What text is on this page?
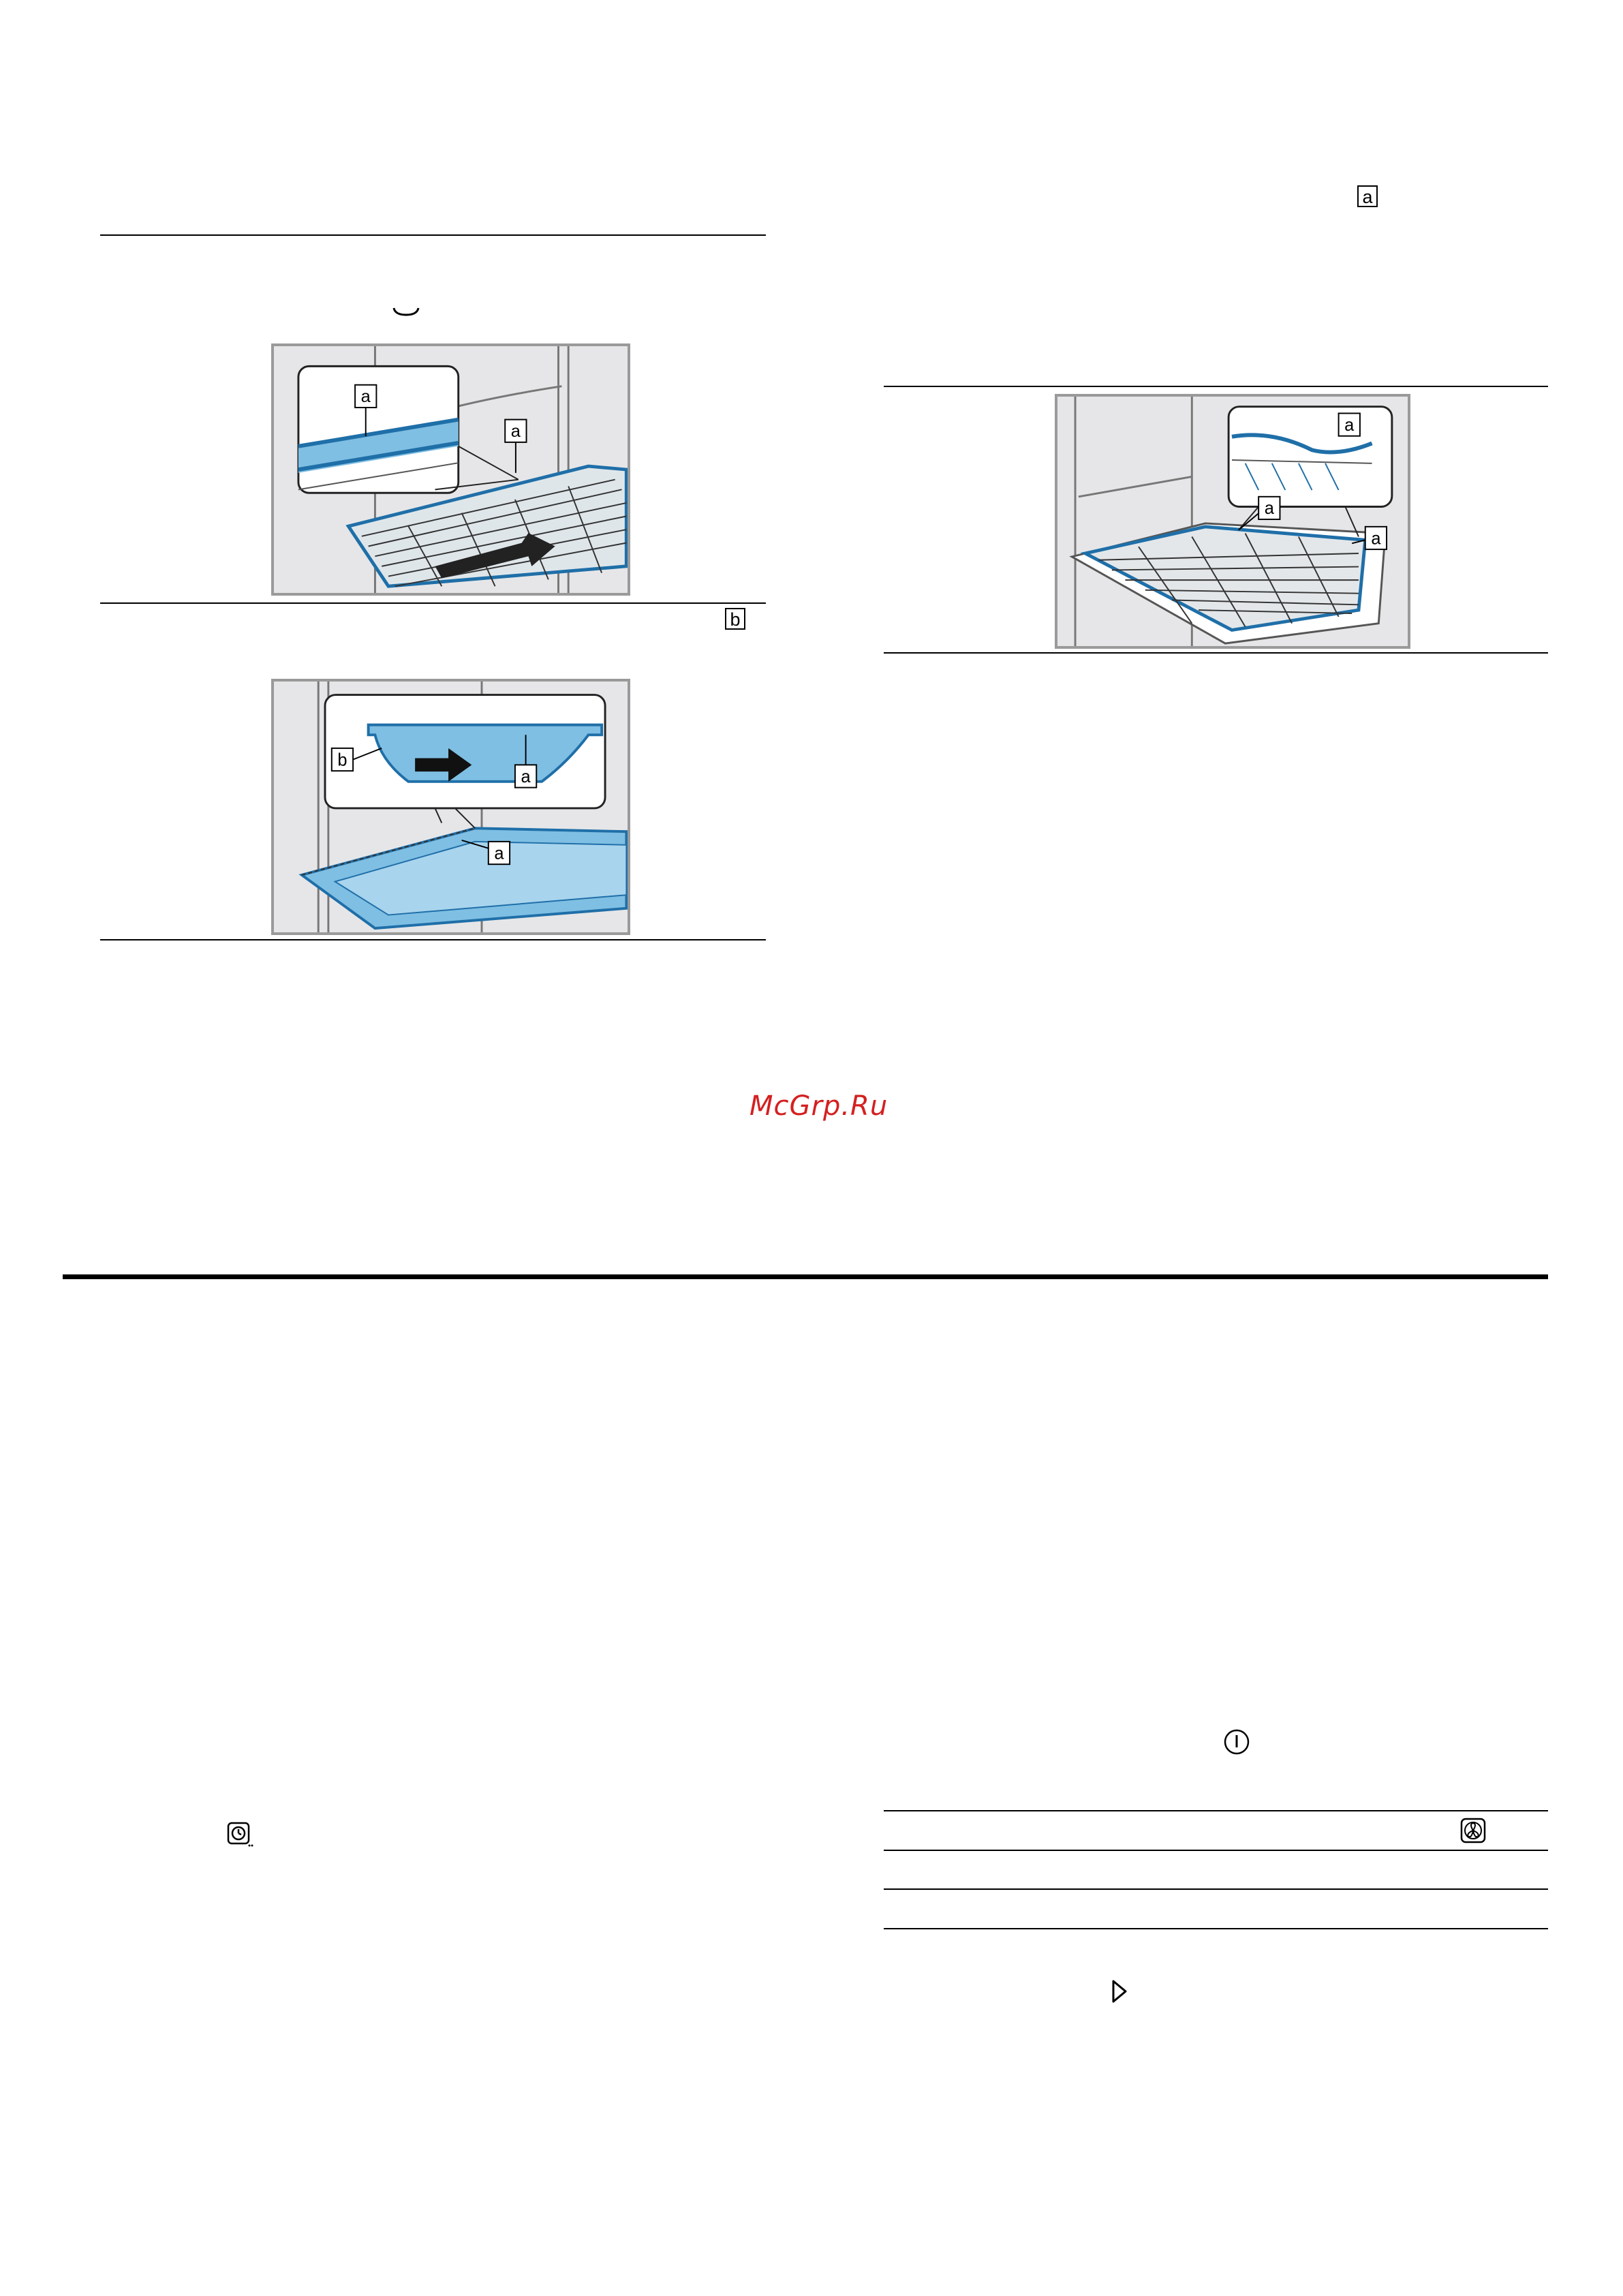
b
a
a
b
a
a
a
a
a
a
McGrp.Ru
